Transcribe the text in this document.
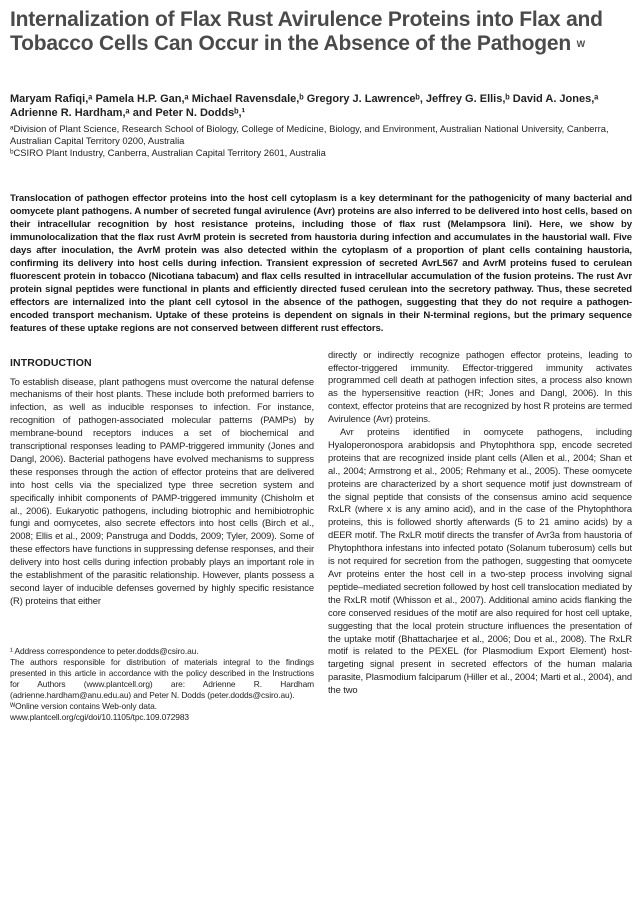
Internalization of Flax Rust Avirulence Proteins into Flax and
Tobacco Cells Can Occur in the Absence of the Pathogen $^W$
Maryam Rafiqi,ᵃ Pamela H.P. Gan,ᵃ Michael Ravensdale,ᵇ Gregory J. Lawrenceᵇ, Jeffrey G. Ellis,ᵇ David A. Jones,ᵃ
Adrienne R. Hardham,ᵃ and Peter N. Doddsᵇ,¹
ᵃDivision of Plant Science, Research School of Biology, College of Medicine, Biology, and Environment, Australian National University, Canberra, Australian Capital Territory 0200, Australia
ᵇCSIRO Plant Industry, Canberra, Australian Capital Territory 2601, Australia
Translocation of pathogen effector proteins into the host cell cytoplasm is a key determinant for the pathogenicity of many bacterial and oomycete plant pathogens. A number of secreted fungal avirulence (Avr) proteins are also inferred to be delivered into host cells, based on their intracellular recognition by host resistance proteins, including those of flax rust (Melampsora lini). Here, we show by immunolocalization that the flax rust AvrM protein is secreted from haustoria during infection and accumulates in the haustorial wall. Five days after inoculation, the AvrM protein was also detected within the cytoplasm of a proportion of plant cells containing haustoria, confirming its delivery into host cells during infection. Transient expression of secreted AvrL567 and AvrM proteins fused to cerulean fluorescent protein in tobacco (Nicotiana tabacum) and flax cells resulted in intracellular accumulation of the fusion proteins. The rust Avr protein signal peptides were functional in plants and efficiently directed fused cerulean into the secretory pathway. Thus, these secreted effectors are internalized into the plant cell cytosol in the absence of the pathogen, suggesting that they do not require a pathogen-encoded transport mechanism. Uptake of these proteins is dependent on signals in their N-terminal regions, but the primary sequence features of these uptake regions are not conserved between different rust effectors.
INTRODUCTION

To establish disease, plant pathogens must overcome the natural defense mechanisms of their host plants. These include both preformed barriers to infection, as well as inducible responses to infection. For instance, recognition of pathogen-associated molecular patterns (PAMPs) by membrane-bound receptors induces a set of biochemical and transcriptional responses leading to PAMP-triggered immunity (Jones and Dangl, 2006). Bacterial pathogens have evolved mechanisms to suppress these responses through the action of effector proteins that are delivered into host cells via the specialized type three secretion system and specifically inhibit components of PAMP-triggered immunity (Chisholm et al., 2006). Eukaryotic pathogens, including biotrophic and hemibiotrophic fungi and oomycetes, also secrete effectors into host cells (Birch et al., 2008; Ellis et al., 2009; Panstruga and Dodds, 2009; Tyler, 2009). Some of these effectors have functions in suppressing defense responses, and their delivery into host cells during infection probably plays an important role in the establishment of the parasitic relationship. However, plants possess a second layer of inducible defenses governed by highly specific resistance (R) proteins that either

¹ Address correspondence to peter.dodds@csiro.au.

The authors responsible for distribution of materials integral to the findings presented in this article in accordance with the policy described in the Instructions for Authors (www.plantcell.org) are: Adrienne R. Hardham (adrienne.hardham@anu.edu.au) and Peter N. Dodds (peter.dodds@csiro.au).

ᵂOnline version contains Web-only data.

www.plantcell.org/cgi/doi/10.1105/tpc.109.072983

directly or indirectly recognize pathogen effector proteins, leading to effector-triggered immunity. Effector-triggered immunity activates programmed cell death at pathogen infection sites, a process also known as the hypersensitive reaction (HR; Jones and Dangl, 2006). In this context, effector proteins that are recognized by host R proteins are termed Avirulence (Avr) proteins.

Avr proteins identified in oomycete pathogens, including Hyaloperonospora arabidopsis and Phytophthora spp, encode secreted proteins that are recognized inside plant cells (Allen et al., 2004; Shan et al., 2004; Armstrong et al., 2005; Rehmany et al., 2005). These oomycete proteins are characterized by a short sequence motif just downstream of the signal peptide that consists of the consensus amino acid sequence RxLR (where x is any amino acid), and in the case of the Phytophthora proteins, this is followed shortly afterwards (5 to 21 amino acids) by a dEER motif. The RxLR motif directs the transfer of Avr3a from haustoria of Phytophthora infestans into infected potato (Solanum tuberosum) cells but is not required for secretion from the pathogen, suggesting that oomycete Avr proteins enter the host cell in a two-step process involving signal peptide–mediated secretion followed by host cell translocation mediated by the RxLR motif (Whisson et al., 2007). Additional amino acids flanking the core conserved residues of the motif are also required for host cell uptake, suggesting that the local protein structure influences the presentation of the uptake motif (Bhattacharjee et al., 2006; Dou et al., 2008). The RxLR motif is related to the PEXEL (for Plasmodium Export Element) host-targeting signal present in secreted effectors of the human malaria parasite, Plasmodium falciparum (Hiller et al., 2004; Marti et al., 2004), and the two
